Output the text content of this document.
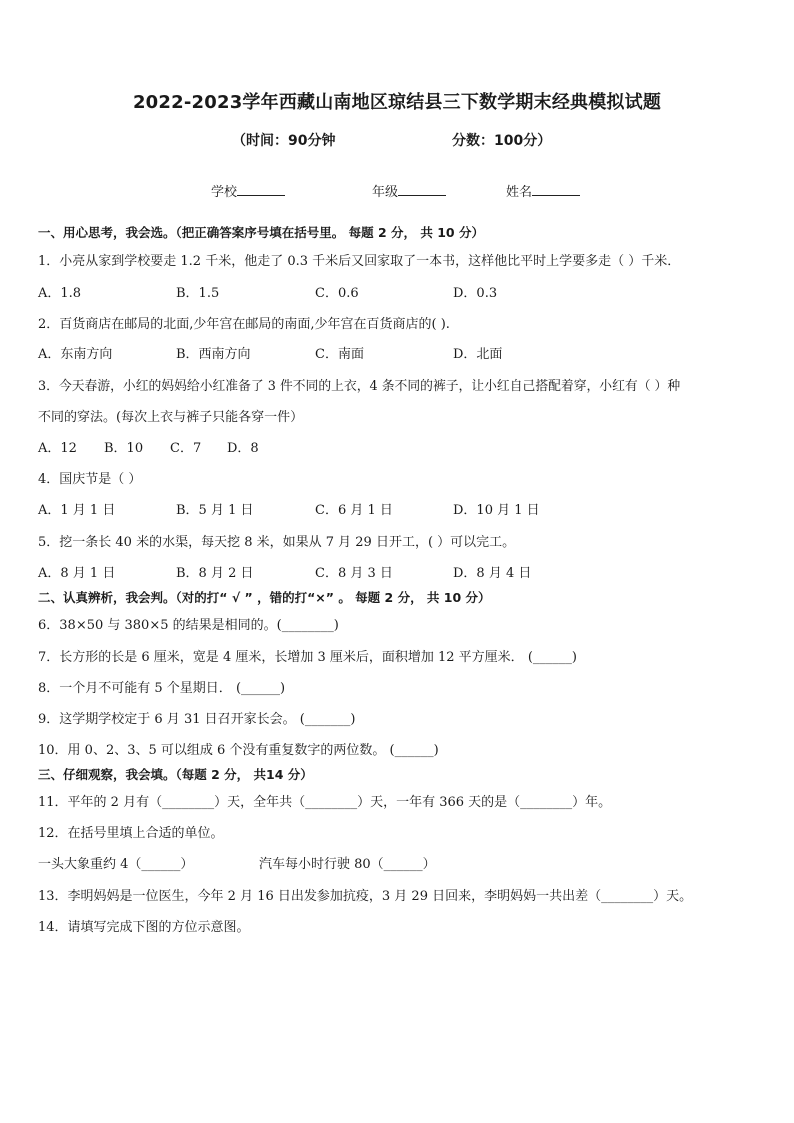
2022-2023学年西藏山南地区琼结县三下数学期末经典模拟试题
（时间：90分钟	分数：100分）
学校	年级	姓名
一、用心思考，我会选。（把正确答案序号填在括号里。 每题 2 分， 共 10 分）
1．小亮从家到学校要走 1.2 千米，他走了 0.3 千米后又回家取了一本书，这样他比平时上学要多走（ ）千米．
A．1.8	B．1.5	C．0.6	D．0.3
2．百货商店在邮局的北面,少年宫在邮局的南面,少年宫在百货商店的( ).
A．东南方向	B．西南方向	C．南面	D．北面
3．今天春游，小红的妈妈给小红准备了 3 件不同的上衣，4 条不同的裤子，让小红自己搭配着穿，小红有（ ）种
不同的穿法。(每次上衣与裤子只能各穿一件）
A．12 B．10 C．7 D．8
4．国庆节是（ ）
A．1 月 1 日	B．5 月 1 日	C．6 月 1 日	D．10 月 1 日
5．挖一条长 40 米的水渠，每天挖 8 米，如果从 7 月 29 日开工，( ）可以完工。
A．8 月 1 日	B．8 月 2 日	C．8 月 3 日	D．8 月 4 日
二、认真辨析，我会判。（对的打“ √ ” ，错的打“×” 。 每题 2 分， 共 10 分）
6．38×50 与 380×5 的结果是相同的。(________)
7．长方形的长是 6 厘米，宽是 4 厘米，长增加 3 厘米后，面积增加 12 平方厘米． (______)
8．一个月不可能有 5 个星期日． (______)
9．这学期学校定于 6 月 31 日召开家长会。 (_______)
10．用 0、2、3、5 可以组成 6 个没有重复数字的两位数。 (______)
三、仔细观察，我会填。（每题 2 分， 共14 分）
11．平年的 2 月有（________）天，全年共（________）天，一年有 366 天的是（________）年。
12．在括号里填上合适的单位。
一头大象重约 4（______）	汽车每小时行驶 80（______）
13．李明妈妈是一位医生，今年 2 月 16 日出发参加抗疫，3 月 29 日回来，李明妈妈一共出差（________）天。
14．请填写完成下图的方位示意图。
